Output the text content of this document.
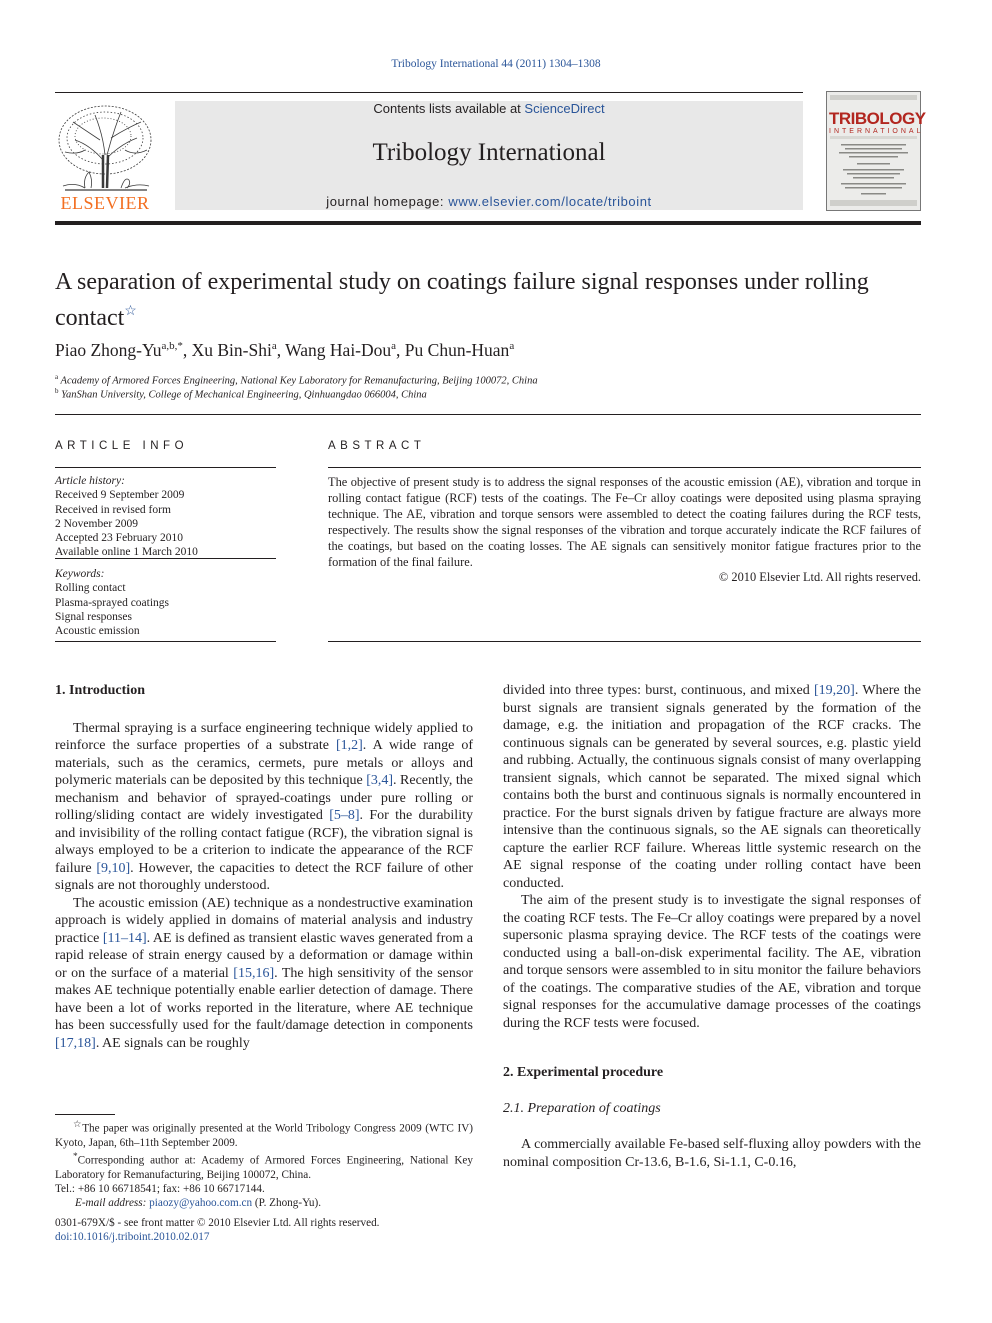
Tribology International 44 (2011) 1304–1308
ELSEVIER
Contents lists available at ScienceDirect
Tribology International
journal homepage: www.elsevier.com/locate/triboint
TRIBOLOGY
INTERNATIONAL
A separation of experimental study on coatings failure signal responses under rolling contact☆
Piao Zhong-$Yu^{a,b,*}$, Xu Bin-Shi$^a$, Wang Hai-Dou$^a$, Pu Chun-Huan$^a$
$^a$ Academy of Armored Forces Engineering, National Key Laboratory for Remanufacturing, Beijing 100072, China
$^b$ YanShan University, College of Mechanical Engineering, Qinhuangdao 066004, China
ARTICLE INFO
Article history:
Received 9 September 2009
Received in revised form
2 November 2009
Accepted 23 February 2010
Available online 1 March 2010
Keywords:
Rolling contact
Plasma-sprayed coatings
Signal responses
Acoustic emission
ABSTRACT
The objective of present study is to address the signal responses of the acoustic emission (AE), vibration and torque in rolling contact fatigue (RCF) tests of the coatings. The Fe–Cr alloy coatings were deposited using plasma spraying technique. The AE, vibration and torque sensors were assembled to detect the coating failures during the RCF tests, respectively. The results show the signal responses of the vibration and torque accurately indicate the RCF failures of the coatings, but based on the coating losses. The AE signals can sensitively monitor fatigue fractures prior to the formation of the final failure.
© 2010 Elsevier Ltd. All rights reserved.
1. Introduction

Thermal spraying is a surface engineering technique widely applied to reinforce the surface properties of a substrate [1,2]. A wide range of materials, such as the ceramics, cermets, pure metals or alloys and polymeric materials can be deposited by this technique [3,4]. Recently, the mechanism and behavior of sprayed-coatings under pure rolling or rolling/sliding contact are widely investigated [5–8]. For the durability and invisibility of the rolling contact fatigue (RCF), the vibration signal is always employed to be a criterion to indicate the appearance of the RCF failure [9,10]. However, the capacities to detect the RCF failure of other signals are not thoroughly understood.

The acoustic emission (AE) technique as a nondestructive examination approach is widely applied in domains of material analysis and industry practice [11–14]. AE is defined as transient elastic waves generated from a rapid release of strain energy caused by a deformation or damage within or on the surface of a material [15,16]. The high sensitivity of the sensor makes AE technique potentially enable earlier detection of damage. There have been a lot of works reported in the literature, where AE technique has been successfully used for the fault/damage detection in components [17,18]. AE signals can be roughly

divided into three types: burst, continuous, and mixed [19,20]. Where the burst signals are transient signals generated by the formation of the damage, e.g. the initiation and propagation of the RCF cracks. The continuous signals can be generated by several sources, e.g. plastic yield and rubbing. Actually, the continuous signals consist of many overlapping transient signals, which cannot be separated. The mixed signal which contains both the burst and continuous signals is normally encountered in practice. For the burst signals driven by fatigue fracture are always more intensive than the continuous signals, so the AE signals can theoretically capture the earlier RCF failure. Whereas little systemic research on the AE signal response of the coating under rolling contact have been conducted.

The aim of the present study is to investigate the signal responses of the coating RCF tests. The Fe–Cr alloy coatings were prepared by a novel supersonic plasma spraying device. The RCF tests of the coatings were conducted using a ball-on-disk experimental facility. The AE, vibration and torque sensors were assembled to in situ monitor the failure behaviors of the coatings. The comparative studies of the AE, vibration and torque signal responses for the accumulative damage processes of the coatings during the RCF tests were focused.

2. Experimental procedure
2.1. Preparation of coatings

A commercially available Fe-based self-fluxing alloy powders with the nominal composition Cr-13.6, B-1.6, Si-1.1, C-0.16,

☆The paper was originally presented at the World Tribology Congress 2009 (WTC IV) Kyoto, Japan, 6th–11th September 2009.
*Corresponding author at: Academy of Armored Forces Engineering, National Key Laboratory for Remanufacturing, Beijing 100072, China.
Tel.: +86 10 66718541; fax: +86 10 66717144.
E-mail address: piaozy@yahoo.com.cn (P. Zhong-Yu).
0301-679X/$ - see front matter © 2010 Elsevier Ltd. All rights reserved.
doi:10.1016/j.triboint.2010.02.017
